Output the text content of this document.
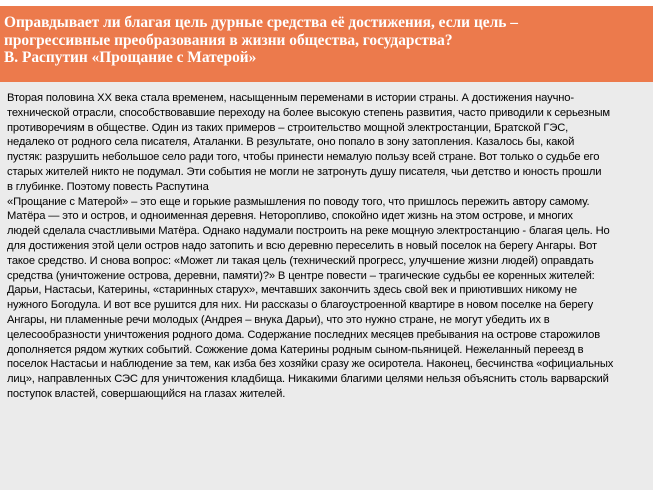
Оправдывает ли благая цель дурные средства её достижения, если цель –
прогрессивные преобразования в жизни общества, государства?
В. Распутин «Прощание с Матерой»

Вторая половина XX века стала временем, насыщенным переменами в истории страны. А достижения научно-
технической отрасли, способствовавшие переходу на более высокую степень развития, часто приводили к серьезным
противоречиям в обществе. Один из таких примеров – строительство мощной электростанции, Братской ГЭС,
недалеко от родного села писателя, Аталанки. В результате, оно попало в зону затопления. Казалось бы, какой
пустяк: разрушить небольшое село ради того, чтобы принести немалую пользу всей стране. Вот только о судьбе его
старых жителей никто не подумал. Эти события не могли не затронуть душу писателя, чьи детство и юность прошли
в глубинке. Поэтому повесть Распутина
«Прощание с Матерой» – это еще и горькие размышления по поводу того, что пришлось пережить автору самому.
Матёра — это и остров, и одноименная деревня. Неторопливо, спокойно идет жизнь на этом острове, и многих
людей сделала счастливыми Матёра. Однако надумали построить на реке мощную электростанцию - благая цель. Но
для достижения этой цели остров надо затопить и всю деревню переселить в новый поселок на берегу Ангары. Вот
такое средство. И снова вопрос: «Может ли такая цель (технический прогресс, улучшение жизни людей) оправдать
средства (уничтожение острова, деревни, памяти)?» В центре повести – трагические судьбы ее коренных жителей:
Дарьи, Настасьи, Катерины, «старинных старух», мечтавших закончить здесь свой век и приютивших никому не
нужного Богодула. И вот все рушится для них. Ни рассказы о благоустроенной квартире в новом поселке на берегу
Ангары, ни пламенные речи молодых (Андрея – внука Дарьи), что это нужно стране, не могут убедить их в
целесообразности уничтожения родного дома. Содержание последних месяцев пребывания на острове старожилов
дополняется рядом жутких событий. Сожжение дома Катерины родным сыном-пьяницей. Нежеланный переезд в
поселок Настасьи и наблюдение за тем, как изба без хозяйки сразу же осиротела. Наконец, бесчинства «официальных
лиц», направленных СЭС для уничтожения кладбища. Никакими благими целями нельзя объяснить столь варварский
поступок властей, совершающийся на глазах жителей.
